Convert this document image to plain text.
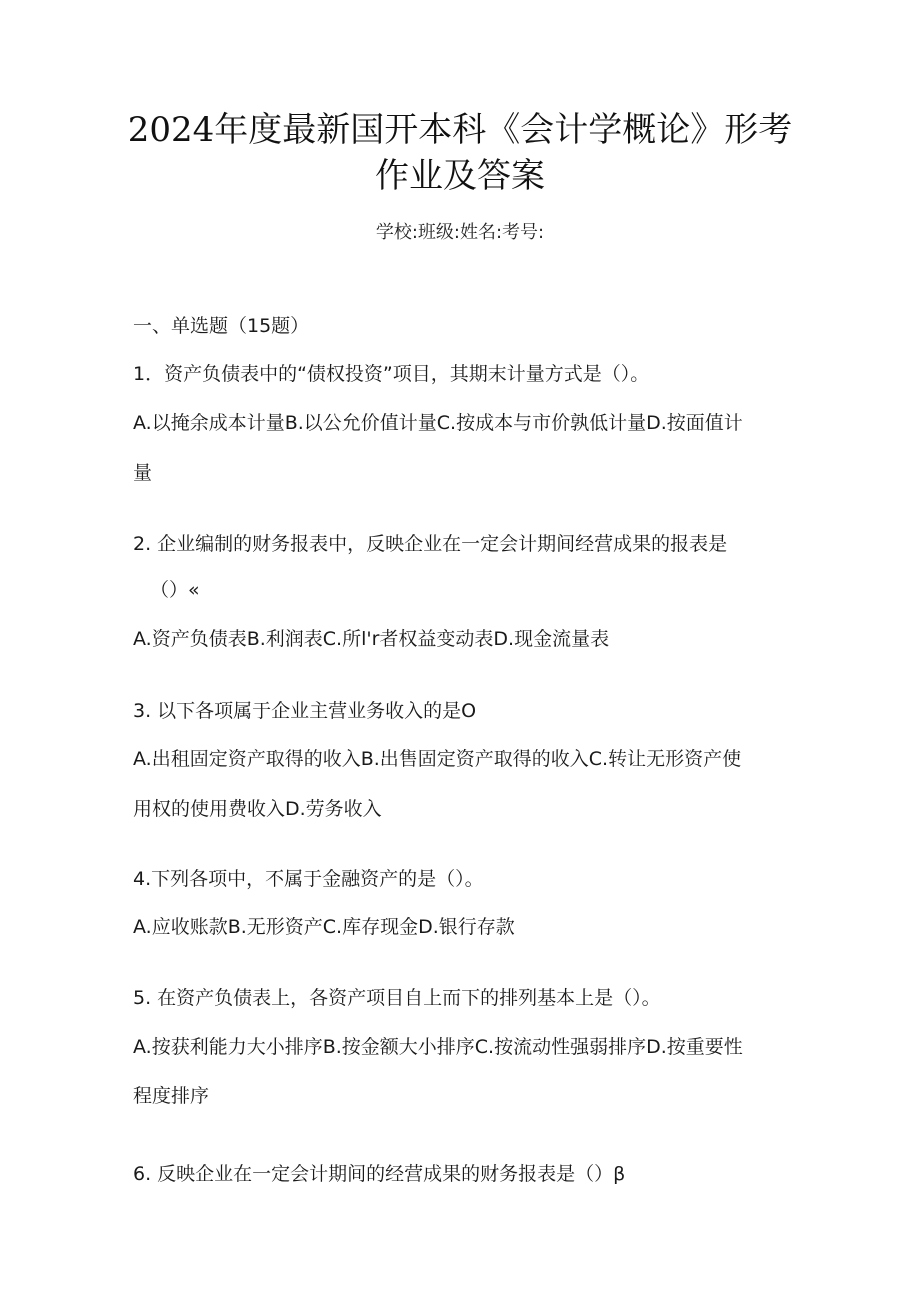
2024年度最新国开本科《会计学概论》形考
作业及答案
学校:班级:姓名:考号:
一、单选题（15题）
1．资产负债表中的“债权投资”项目，其期末计量方式是（）。
A.以掩余成本计量B.以公允价值计量C.按成本与市价孰低计量D.按面值计
量
2. 企业编制的财务报表中，反映企业在一定会计期间经营成果的报表是
（）«
A.资产负债表B.利润表C.所l'r者权益变动表D.现金流量表
3. 以下各项属于企业主营业务收入的是O
A.出租固定资产取得的收入B.出售固定资产取得的收入C.转让无形资产使
用权的使用费收入D.劳务收入
4.下列各项中，不属于金融资产的是（）。
A.应收账款B.无形资产C.库存现金D.银行存款
5. 在资产负债表上，各资产项目自上而下的排列基本上是（）。
A.按获利能力大小排序B.按金额大小排序C.按流动性强弱排序D.按重要性
程度排序
6. 反映企业在一定会计期间的经营成果的财务报表是（）β
